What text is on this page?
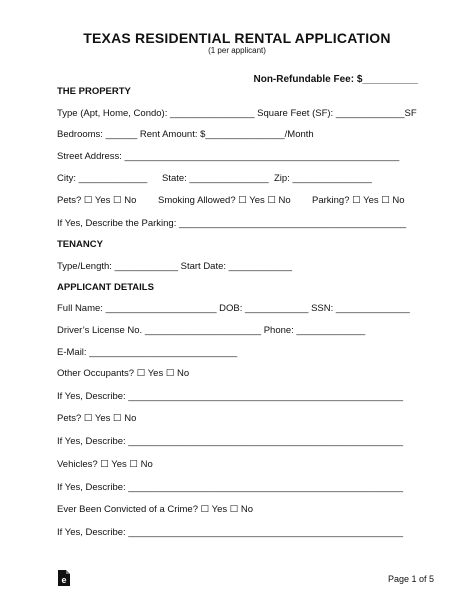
TEXAS RESIDENTIAL RENTAL APPLICATION
(1 per applicant)
Non-Refundable Fee: $__________
THE PROPERTY
Type (Apt, Home, Condo): ________________ Square Feet (SF): _____________SF
Bedrooms: ______ Rent Amount: $_______________/Month
Street Address: ____________________________________________________
City: _____________ State: _______________ Zip: _______________
Pets? ☐ Yes ☐ No Smoking Allowed? ☐ Yes ☐ No Parking? ☐ Yes ☐ No
If Yes, Describe the Parking: ___________________________________________
TENANCY
Type/Length: ____________ Start Date: ____________
APPLICANT DETAILS
Full Name: _____________________ DOB: ____________ SSN: ______________
Driver’s License No. ______________________ Phone: _____________
E-Mail: ____________________________
Other Occupants? ☐ Yes ☐ No
If Yes, Describe: ____________________________________________________
Pets? ☐ Yes ☐ No
If Yes, Describe: ____________________________________________________
Vehicles? ☐ Yes ☐ No
If Yes, Describe: ____________________________________________________
Ever Been Convicted of a Crime? ☐ Yes ☐ No
If Yes, Describe: ____________________________________________________
e	Page 1 of 5
